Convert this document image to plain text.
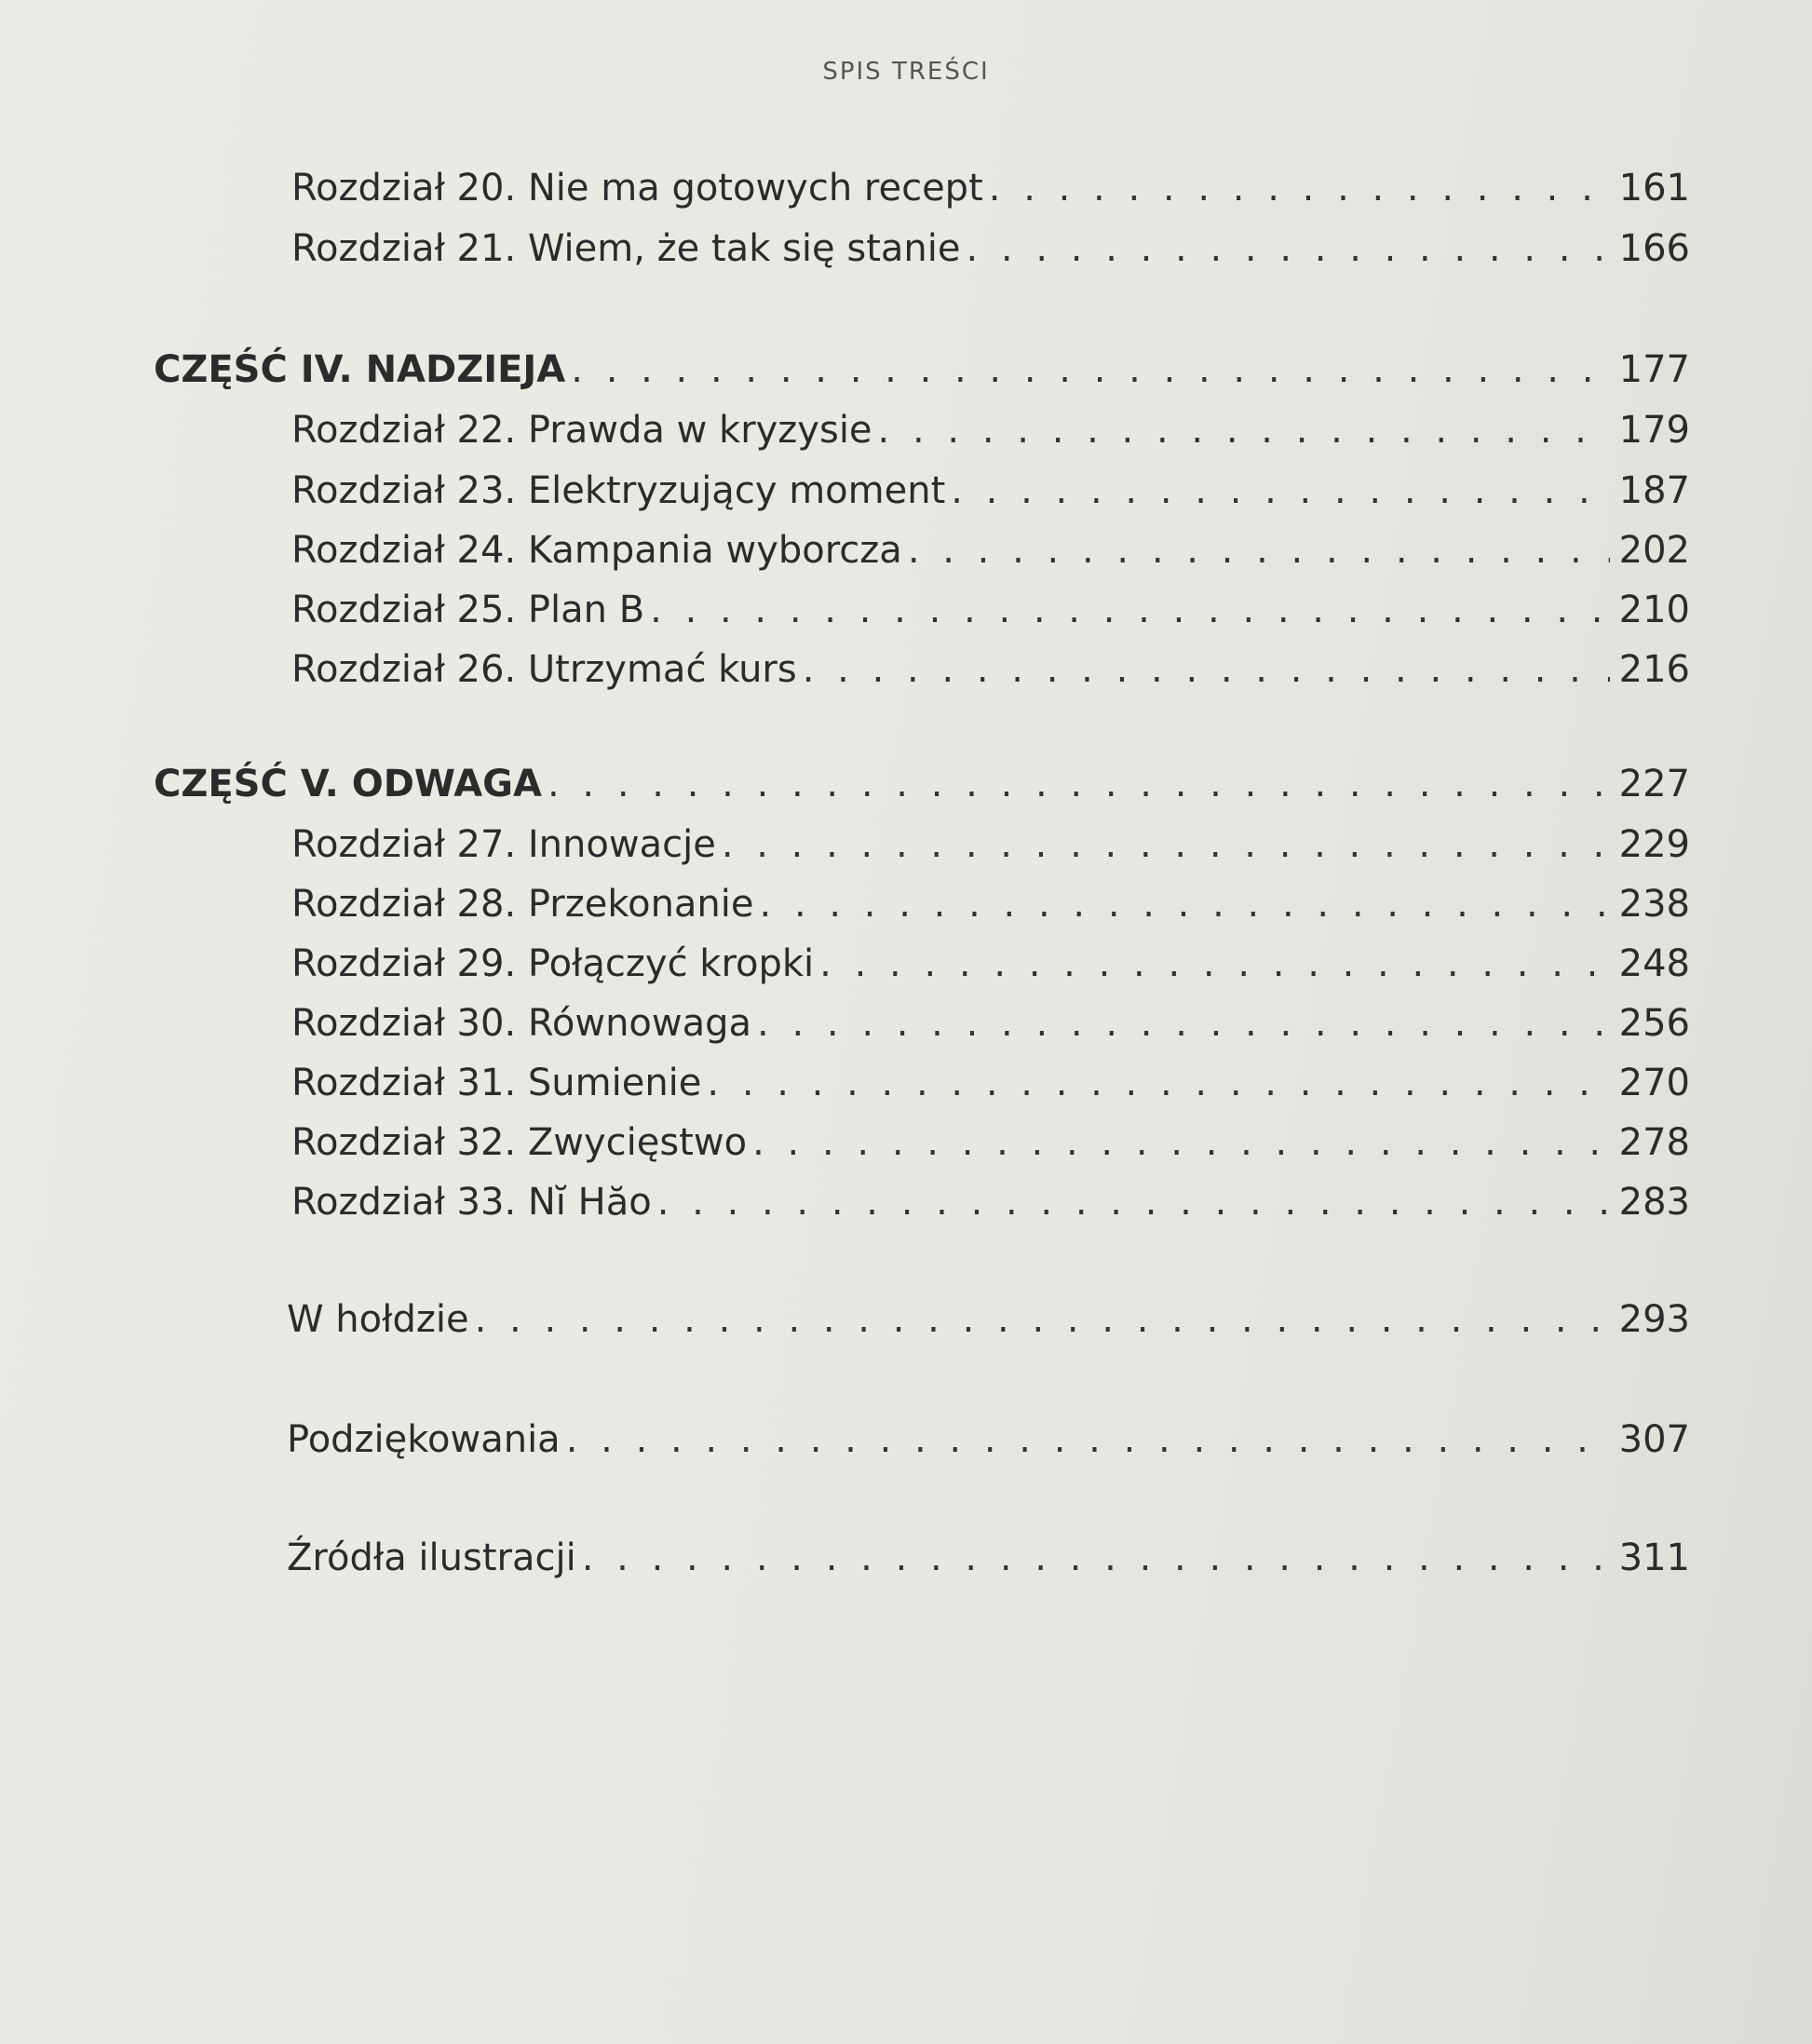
SPIS TREŚCI
Rozdział 20. Nie ma gotowych recept . . .	161
Rozdział 21. Wiem, że tak się stanie . . .	166
CZĘŚĆ IV. NADZIEJA . . .	177
Rozdział 22. Prawda w kryzysie . . .	179
Rozdział 23. Elektryzujący moment . . .	187
Rozdział 24. Kampania wyborcza . . .	202
Rozdział 25. Plan B . . .	210
Rozdział 26. Utrzymać kurs . . .	216
CZĘŚĆ V. ODWAGA . . .	227
Rozdział 27. Innowacje . . .	229
Rozdział 28. Przekonanie . . .	238
Rozdział 29. Połączyć kropki . . .	248
Rozdział 30. Równowaga . . .	256
Rozdział 31. Sumienie . . .	270
Rozdział 32. Zwycięstwo . . .	278
Rozdział 33. Nĭ Hăo . . .	283
W hołdzie . . .	293
Podziękowania . . .	307
Źródła ilustracji . . .	311
